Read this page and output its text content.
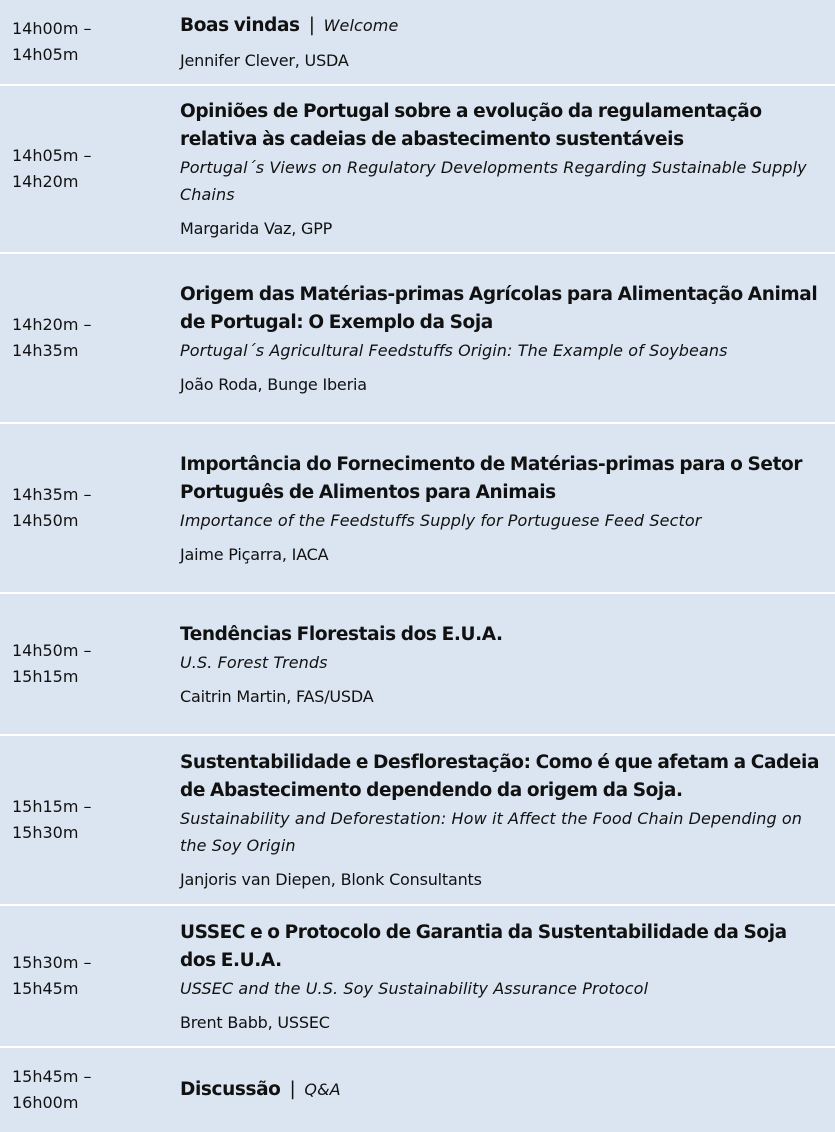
14h00m –
14h05m
Boas vindas | Welcome
Jennifer Clever, USDA
14h05m –
14h20m
Opiniões de Portugal sobre a evolução da regulamentação relativa às cadeias de abastecimento sustentáveis
Portugal´s Views on Regulatory Developments Regarding Sustainable Supply Chains
Margarida Vaz, GPP
14h20m –
14h35m
Origem das Matérias-primas Agrícolas para Alimentação Animal de Portugal: O Exemplo da Soja
Portugal´s Agricultural Feedstuffs Origin: The Example of Soybeans
João Roda, Bunge Iberia
14h35m –
14h50m
Importância do Fornecimento de Matérias-primas para o Setor Português de Alimentos para Animais
Importance of the Feedstuffs Supply for Portuguese Feed Sector
Jaime Piçarra, IACA
14h50m –
15h15m
Tendências Florestais dos E.U.A.
U.S. Forest Trends
Caitrin Martin, FAS/USDA
15h15m –
15h30m
Sustentabilidade e Desflorestação: Como é que afetam a Cadeia de Abastecimento dependendo da origem da Soja.
Sustainability and Deforestation: How it Affect the Food Chain Depending on the Soy Origin
Janjoris van Diepen, Blonk Consultants
15h30m –
15h45m
USSEC e o Protocolo de Garantia da Sustentabilidade da Soja dos E.U.A.
USSEC and the U.S. Soy Sustainability Assurance Protocol
Brent Babb, USSEC
15h45m –
16h00m
Discussão | Q&A
